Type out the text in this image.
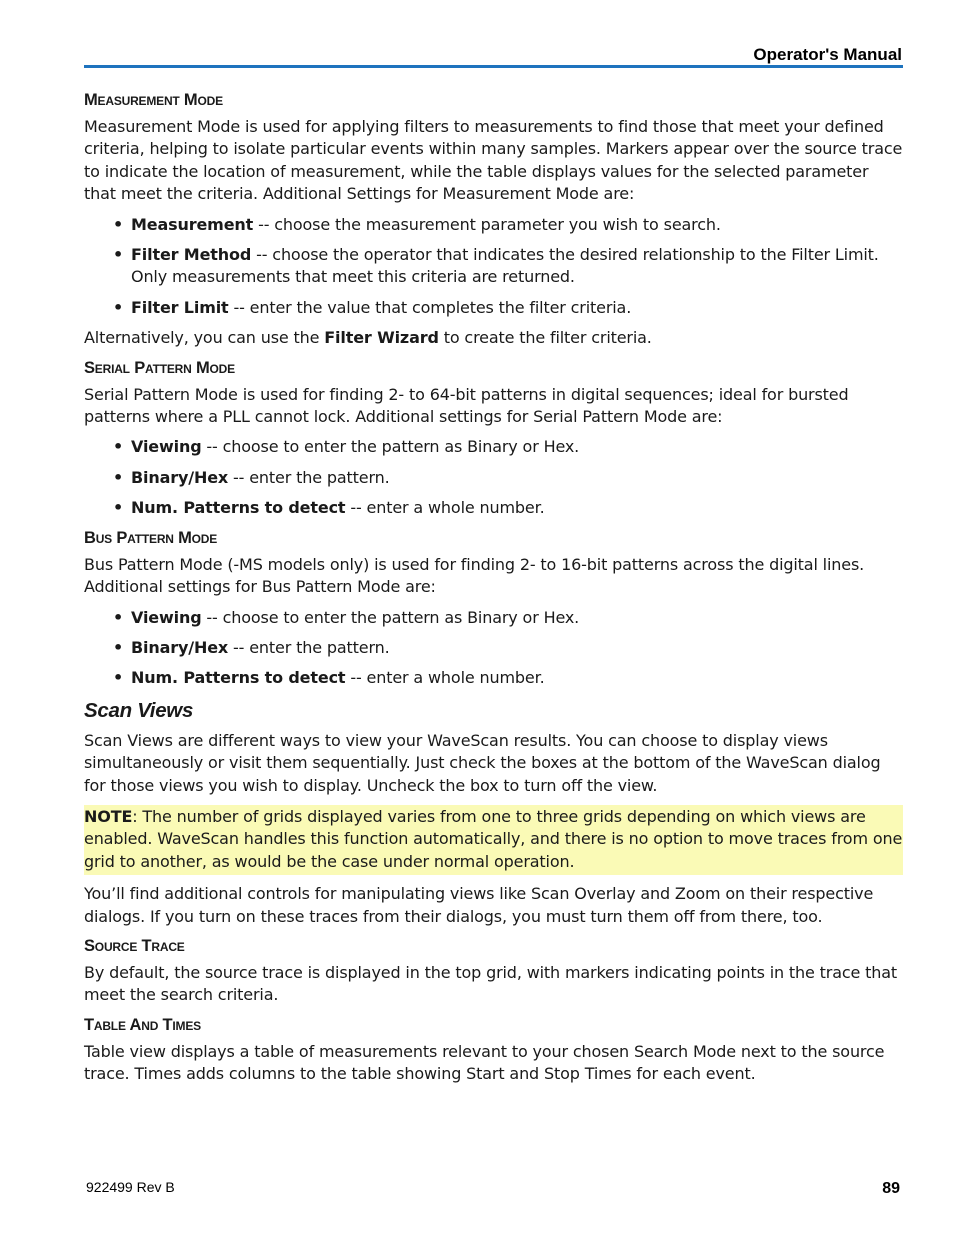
Operator's Manual
Measurement Mode

Measurement Mode is used for applying filters to measurements to find those that meet your defined criteria, helping to isolate particular events within many samples. Markers appear over the source trace to indicate the location of measurement, while the table displays values for the selected parameter that meet the criteria. Additional Settings for Measurement Mode are:

• Measurement -- choose the measurement parameter you wish to search.
• Filter Method -- choose the operator that indicates the desired relationship to the Filter Limit. Only measurements that meet this criteria are returned.
• Filter Limit -- enter the value that completes the filter criteria.

Alternatively, you can use the Filter Wizard to create the filter criteria.

Serial Pattern Mode

Serial Pattern Mode is used for finding 2- to 64-bit patterns in digital sequences; ideal for bursted patterns where a PLL cannot lock. Additional settings for Serial Pattern Mode are:

• Viewing -- choose to enter the pattern as Binary or Hex.
• Binary/Hex -- enter the pattern.
• Num. Patterns to detect -- enter a whole number.
Bus Pattern Mode

Bus Pattern Mode (-MS models only) is used for finding 2- to 16-bit patterns across the digital lines. Additional settings for Bus Pattern Mode are:

• Viewing -- choose to enter the pattern as Binary or Hex.
• Binary/Hex -- enter the pattern.
• Num. Patterns to detect -- enter a whole number.
Scan Views

Scan Views are different ways to view your WaveScan results. You can choose to display views simultaneously or visit them sequentially. Just check the boxes at the bottom of the WaveScan dialog for those views you wish to display. Uncheck the box to turn off the view.

NOTE: The number of grids displayed varies from one to three grids depending on which views are enabled. WaveScan handles this function automatically, and there is no option to move traces from one grid to another, as would be the case under normal operation.

You’ll find additional controls for manipulating views like Scan Overlay and Zoom on their respective dialogs. If you turn on these traces from their dialogs, you must turn them off from there, too.

Source Trace

By default, the source trace is displayed in the top grid, with markers indicating points in the trace that meet the search criteria.

Table And Times

Table view displays a table of measurements relevant to your chosen Search Mode next to the source trace. Times adds columns to the table showing Start and Stop Times for each event.

922499 Rev B	89
